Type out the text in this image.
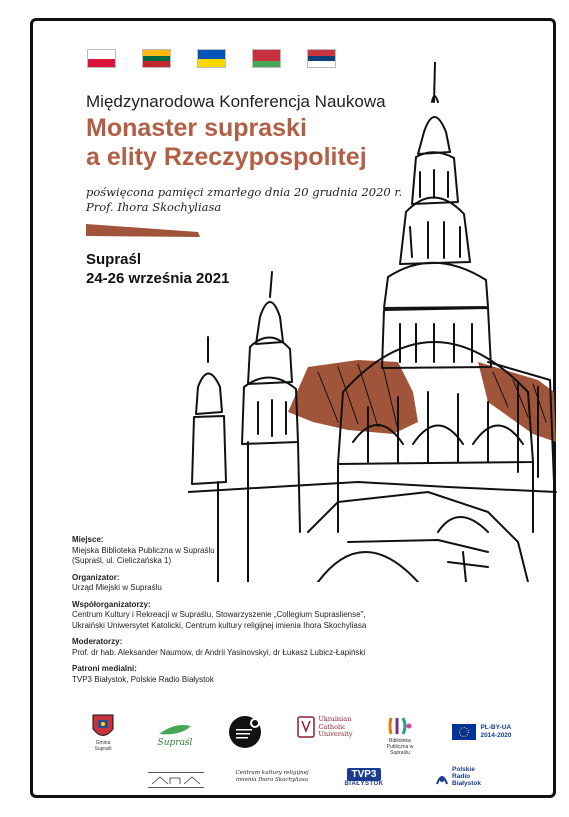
Międzynarodowa Konferencja Naukowa
Monaster supraski
a elity Rzeczypospolitej
poświęcona pamięci zmarłego dnia 20 grudnia 2020 r.
Prof. Ihora Skochyliasa
Supraśl
24-26 września 2021
Miejsce:
Miejska Biblioteka Publiczna w Supraślu
(Supraśl, ul. Cieliczańska 1)
Organizator:
Urząd Miejski w Supraślu
Współorganizatorzy:
Centrum Kultury i Rekreacji w Supraślu, Stowarzyszenie „Collegium Suprasliense",
Ukraiński Uniwersytet Katolicki, Centrum kultury religijnej imienia Ihora Skochyliasa
Moderatorzy:
Prof. dr hab. Aleksander Naumow, dr Andrii Yasinovskyi, dr Łukasz Lubicz-Łapiński
Patroni medialni:
TVP3 Białystok, Polskie Radio Białystok
Gmina Supraśl
Supraśl
Ukrainian
Catholic
University
Biblioteka Publiczna w Supraślu
PL-BY-UA
2014-2020
Centrum kultury religijnej
imienia Ihora Skochyliasa	TVP3
BIAŁYSTOK
Polskie
Radio
Białystok
